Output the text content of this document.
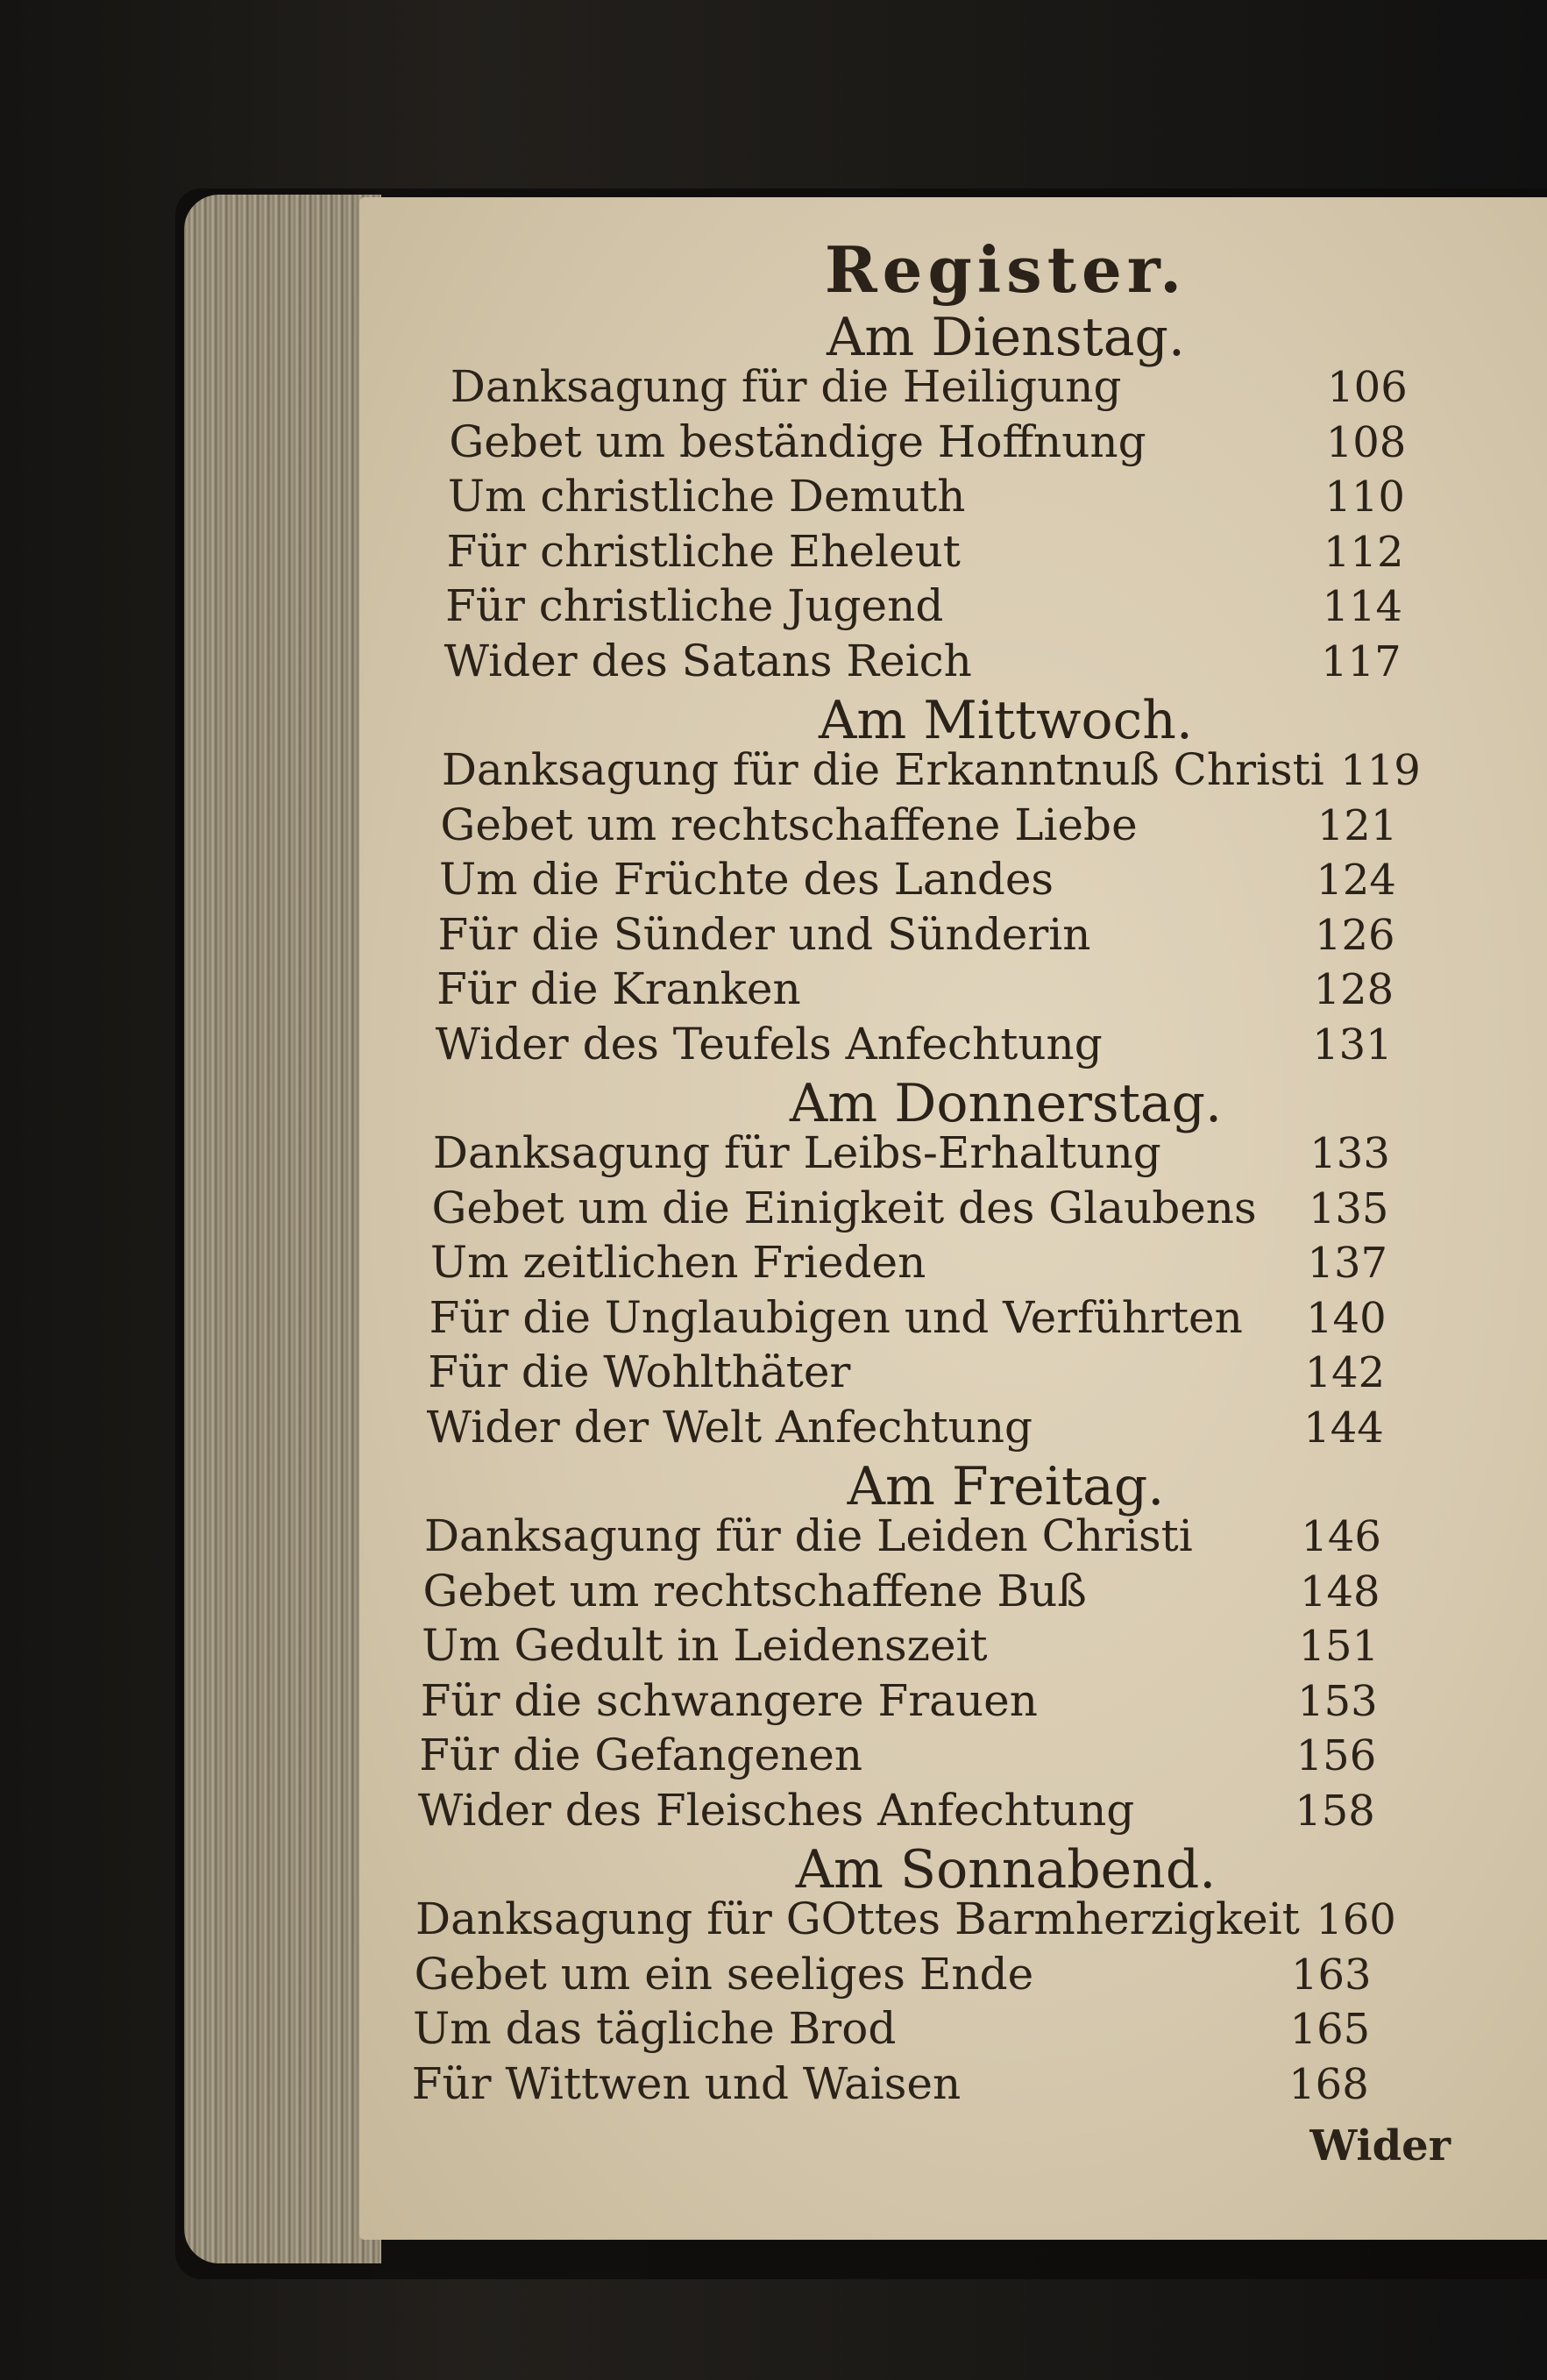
Register.
Am Dienstag.
Danksagung für die Heiligung	106
Gebet um beständige Hoffnung	108
Um christliche Demuth	110
Für christliche Eheleut	112
Für christliche Jugend	114
Wider des Satans Reich	117
Am Mittwoch.
Danksagung für die Erkanntnuß Christi 119
Gebet um rechtschaffene Liebe	121
Um die Früchte des Landes	124
Für die Sünder und Sünderin	126
Für die Kranken	128
Wider des Teufels Anfechtung	131
Am Donnerstag.
Danksagung für Leibs-Erhaltung	133
Gebet um die Einigkeit des Glaubens	135
Um zeitlichen Frieden	137
Für die Unglaubigen und Verführten	140
Für die Wohlthäter	142
Wider der Welt Anfechtung	144
Am Freitag.
Danksagung für die Leiden Christi	146
Gebet um rechtschaffene Buß	148
Um Gedult in Leidenszeit	151
Für die schwangere Frauen	153
Für die Gefangenen	156
Wider des Fleisches Anfechtung	158
Am Sonnabend.
Danksagung für GOttes Barmherzigkeit 160
Gebet um ein seeliges Ende	163
Um das tägliche Brod	165
Für Wittwen und Waisen	168
Wider
